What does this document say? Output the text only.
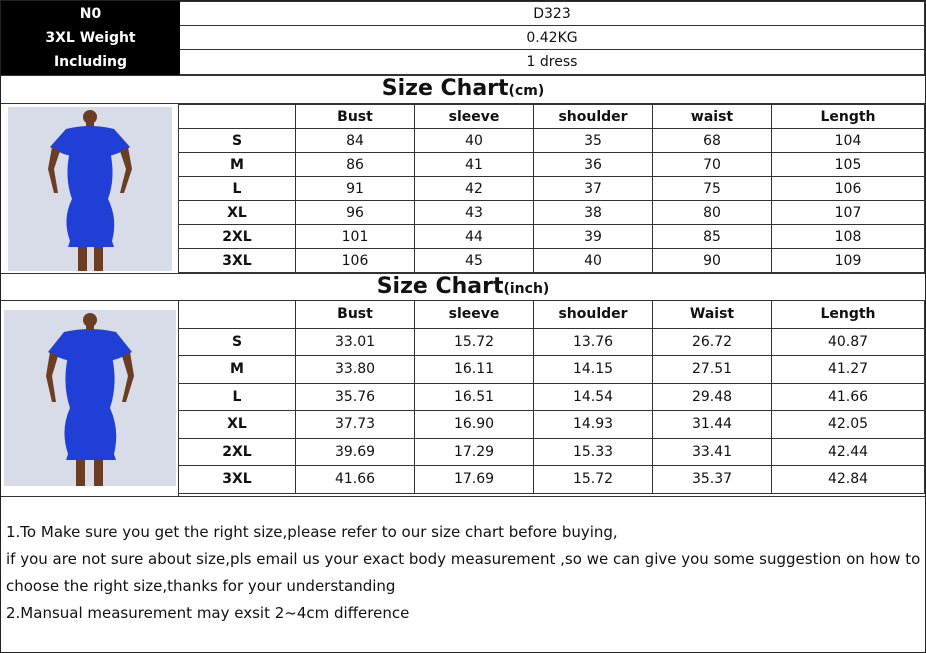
N0	D323
3XL Weight	0.42KG
Including	1 dress
Size Chart(cm)
	Bust	sleeve	shoulder	waist	Length
S	84	40	35	68	104
M	86	41	36	70	105
L	91	42	37	75	106
XL	96	43	38	80	107
2XL	101	44	39	85	108
3XL	106	45	40	90	109
Size Chart(inch)
	Bust	sleeve	shoulder	Waist	Length
S	33.01	15.72	13.76	26.72	40.87
M	33.80	16.11	14.15	27.51	41.27
L	35.76	16.51	14.54	29.48	41.66
XL	37.73	16.90	14.93	31.44	42.05
2XL	39.69	17.29	15.33	33.41	42.44
3XL	41.66	17.69	15.72	35.37	42.84
1.To Make sure you get the right size,please refer to our size chart before buying,
if you are not sure about size,pls email us your exact body measurement ,so we can give you some suggestion on how to
choose the right size,thanks for your understanding
2.Mansual measurement may exsit 2~4cm difference
